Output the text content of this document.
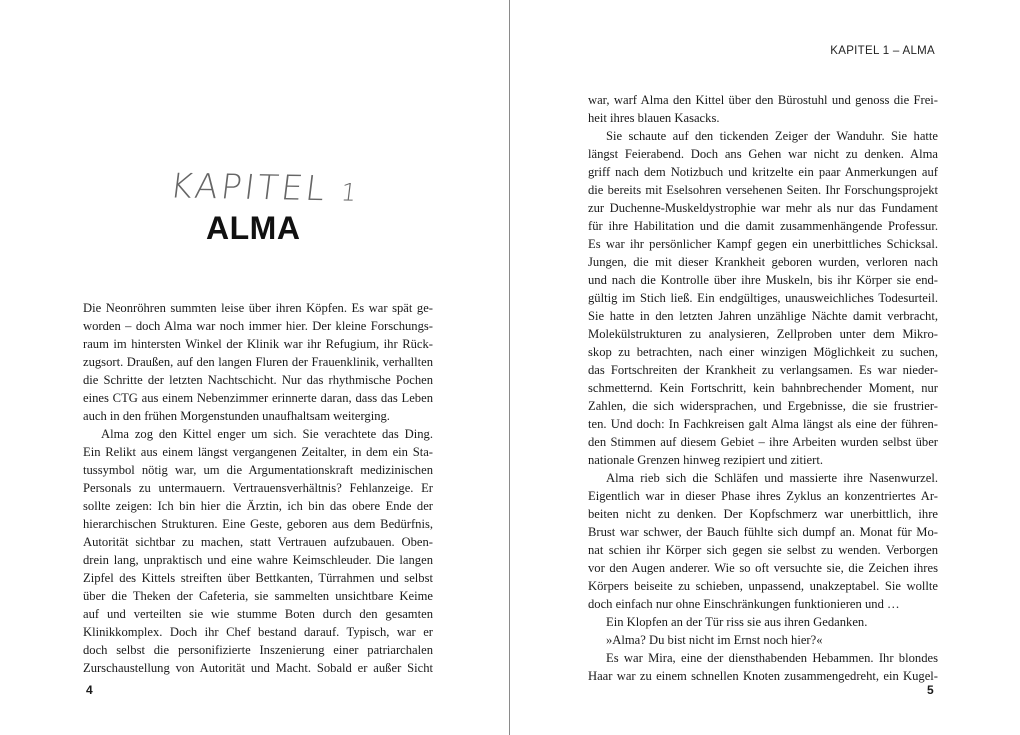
KAPITEL 1
ALMA
Die Neonröhren summten leise über ihren Köpfen. Es war spät ge-
worden – doch Alma war noch immer hier. Der kleine Forschungs-
raum im hintersten Winkel der Klinik war ihr Refugium, ihr Rück-
zugsort. Draußen, auf den langen Fluren der Frauenklinik, verhallten
die Schritte der letzten Nachtschicht. Nur das rhythmische Pochen
eines CTG aus einem Nebenzimmer erinnerte daran, dass das Leben
auch in den frühen Morgenstunden unaufhaltsam weiterging.
Alma zog den Kittel enger um sich. Sie verachtete das Ding.
Ein Relikt aus einem längst vergangenen Zeitalter, in dem ein Sta-
tussymbol nötig war, um die Argumentationskraft medizinischen
Personals zu untermauern. Vertrauensverhältnis? Fehlanzeige. Er
sollte zeigen: Ich bin hier die Ärztin, ich bin das obere Ende der
hierarchischen Strukturen. Eine Geste, geboren aus dem Bedürfnis,
Autorität sichtbar zu machen, statt Vertrauen aufzubauen. Oben-
drein lang, unpraktisch und eine wahre Keimschleuder. Die langen
Zipfel des Kittels streiften über Bettkanten, Türrahmen und selbst
über die Theken der Cafeteria, sie sammelten unsichtbare Keime
auf und verteilten sie wie stumme Boten durch den gesamten
Klinikkomplex. Doch ihr Chef bestand darauf. Typisch, war er
doch selbst die personifizierte Inszenierung einer patriarchalen
Zurschaustellung von Autorität und Macht. Sobald er außer Sicht
4
KAPITEL 1 – ALMA
war, warf Alma den Kittel über den Bürostuhl und genoss die Frei-
heit ihres blauen Kasacks.
Sie schaute auf den tickenden Zeiger der Wanduhr. Sie hatte
längst Feierabend. Doch ans Gehen war nicht zu denken. Alma
griff nach dem Notizbuch und kritzelte ein paar Anmerkungen auf
die bereits mit Eselsohren versehenen Seiten. Ihr Forschungsprojekt
zur Duchenne-Muskeldystrophie war mehr als nur das Fundament
für ihre Habilitation und die damit zusammenhängende Professur.
Es war ihr persönlicher Kampf gegen ein unerbittliches Schicksal.
Jungen, die mit dieser Krankheit geboren wurden, verloren nach
und nach die Kontrolle über ihre Muskeln, bis ihr Körper sie end-
gültig im Stich ließ. Ein endgültiges, unausweichliches Todesurteil.
Sie hatte in den letzten Jahren unzählige Nächte damit verbracht,
Molekülstrukturen zu analysieren, Zellproben unter dem Mikro-
skop zu betrachten, nach einer winzigen Möglichkeit zu suchen,
das Fortschreiten der Krankheit zu verlangsamen. Es war nieder-
schmetternd. Kein Fortschritt, kein bahnbrechender Moment, nur
Zahlen, die sich widersprachen, und Ergebnisse, die sie frustrier-
ten. Und doch: In Fachkreisen galt Alma längst als eine der führen-
den Stimmen auf diesem Gebiet – ihre Arbeiten wurden selbst über
nationale Grenzen hinweg rezipiert und zitiert.
Alma rieb sich die Schläfen und massierte ihre Nasenwurzel.
Eigentlich war in dieser Phase ihres Zyklus an konzentriertes Ar-
beiten nicht zu denken. Der Kopfschmerz war unerbittlich, ihre
Brust war schwer, der Bauch fühlte sich dumpf an. Monat für Mo-
nat schien ihr Körper sich gegen sie selbst zu wenden. Verborgen
vor den Augen anderer. Wie so oft versuchte sie, die Zeichen ihres
Körpers beiseite zu schieben, unpassend, unakzeptabel. Sie wollte
doch einfach nur ohne Einschränkungen funktionieren und …
Ein Klopfen an der Tür riss sie aus ihren Gedanken.
»Alma? Du bist nicht im Ernst noch hier?«
Es war Mira, eine der diensthabenden Hebammen. Ihr blondes
Haar war zu einem schnellen Knoten zusammengedreht, ein Kugel-
5
